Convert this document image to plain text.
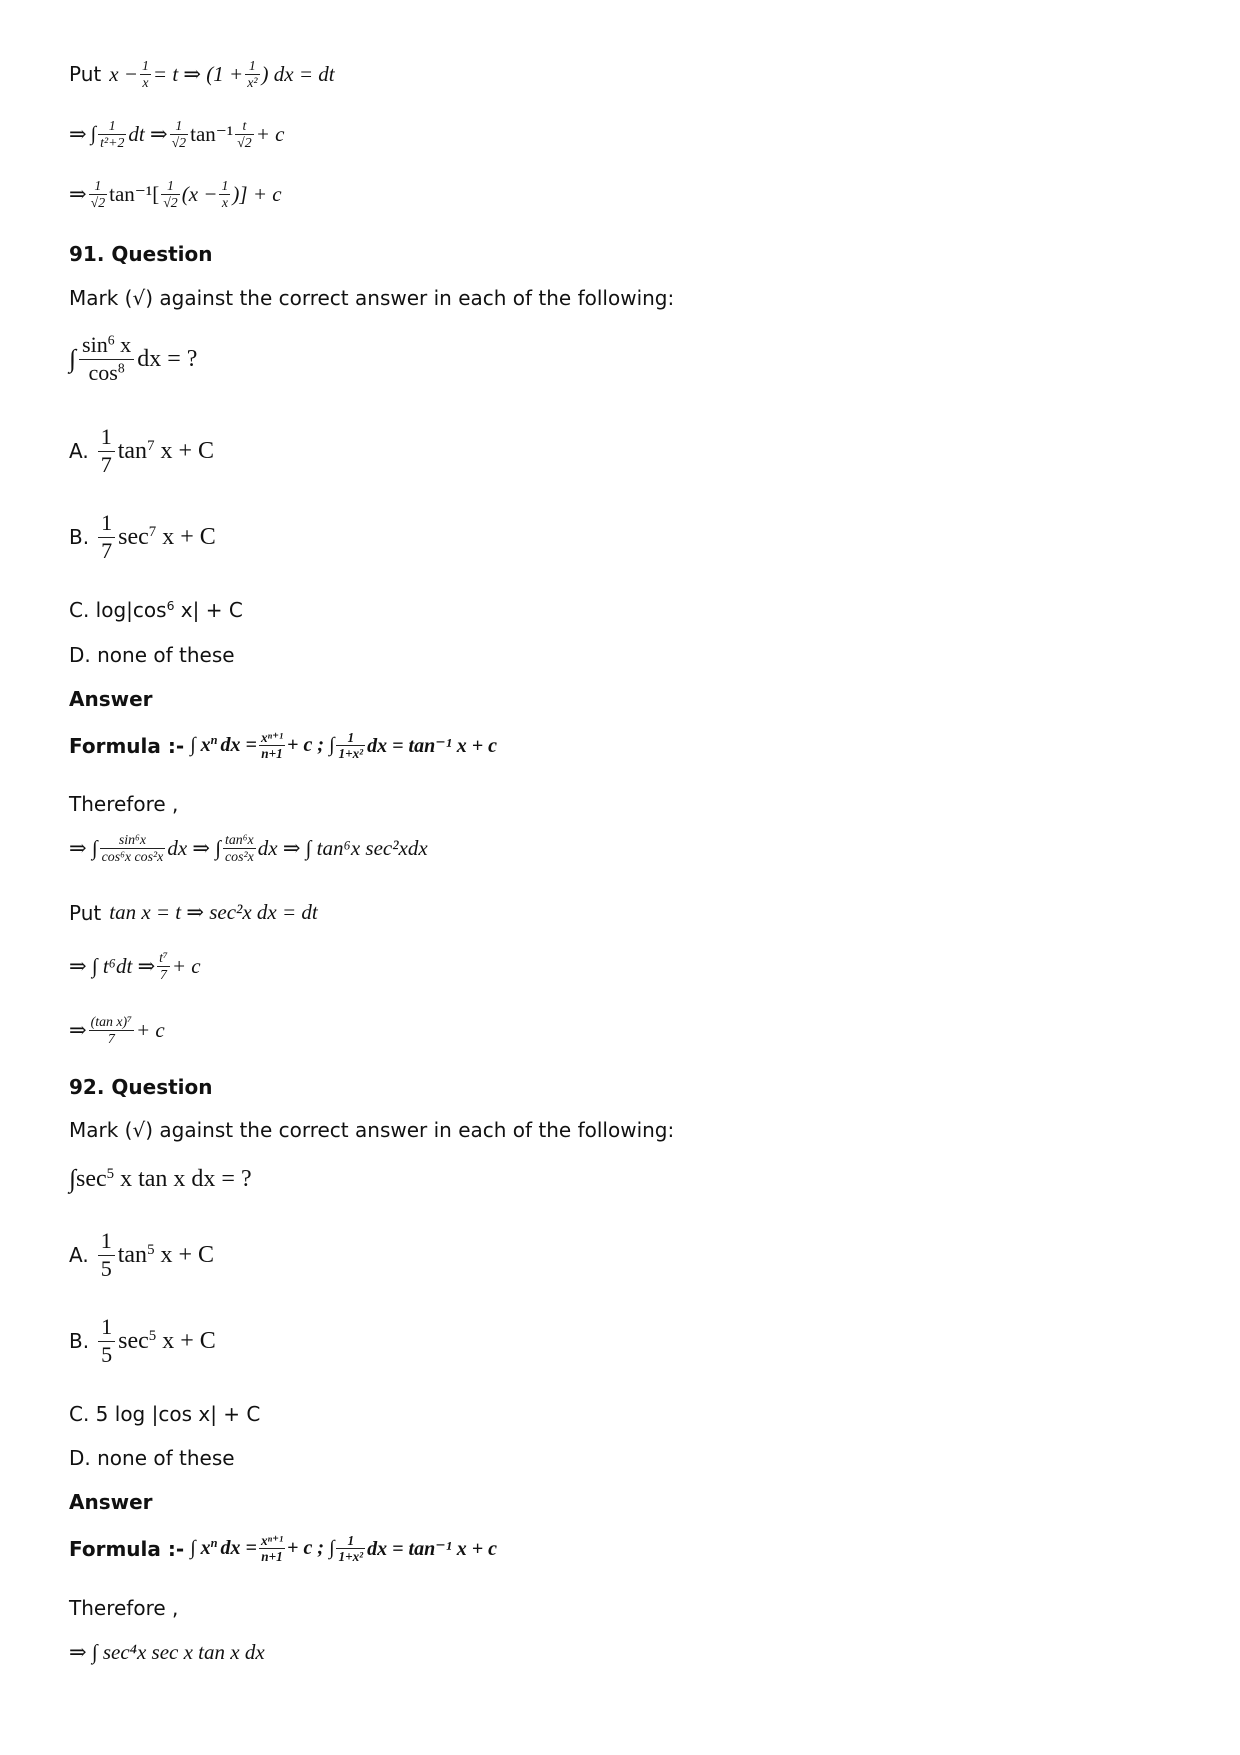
Put $x - \frac{1}{x} = t$ ⇒ ($1 + \frac{1}{\text{x²}}$ ) dx = dt
⇒ ∫ $\frac{1}{\text{t²+2}}$ dt ⇒ $\frac{1}{√2} \tan^{-1} \frac{t}{√2} + c$
⇒ $\frac{1}{√2} \tan^{-1}[ \frac{1}{√2} (x - \frac{1}{x}$ )] + c
91. Question
Mark (√) against the correct answer in each of the following:
∫ $\sin^6 x$
$\cos^8$ dx = ?
A.
1
7
$\tan^7 x + C$
B.
1
7
$\sec^7 x + C$
C. $\log|\cos^6$ x| + C
D. none of these
Answer
Formula :- ∫ $x^n$ dx = $\frac{\text{xⁿ⁺¹}}{n+1} + c$ ; ∫ $\frac{1}{\text{1+x²}}$ dx = tan⁻¹ x + c
Therefore ,
⇒ ∫ $\frac{\text{sin⁶x}}{\text{cos⁶x cos²x}}$ dx ⇒ ∫ $\frac{\text{tan⁶x}}{\text{cos²x}}$ dx ⇒ ∫ tan⁶x sec²xdx
Put tan x = t ⇒ sec²x dx = dt
⇒ ∫ t⁶dt ⇒ $\frac{\text{t⁷}}{7} + c$
⇒ $\frac{\text{(tan x)⁷}}{7} + c$
92. Question
Mark (√) against the correct answer in each of the following:
∫ $\sec^5 x$ tan x dx = ?
A.
1
5
$\tan^5 x + C$
B.
1
5
$\sec^5 x + C$
C. 5 log |cos x| + C
D. none of these
Answer
Formula :- ∫ $x^n$ dx = $\frac{\text{xⁿ⁺¹}}{n+1} + c$ ; ∫ $\frac{1}{\text{1+x²}}$ dx = tan⁻¹ x + c
Therefore ,
⇒ ∫ sec⁴x sec x tan x dx
